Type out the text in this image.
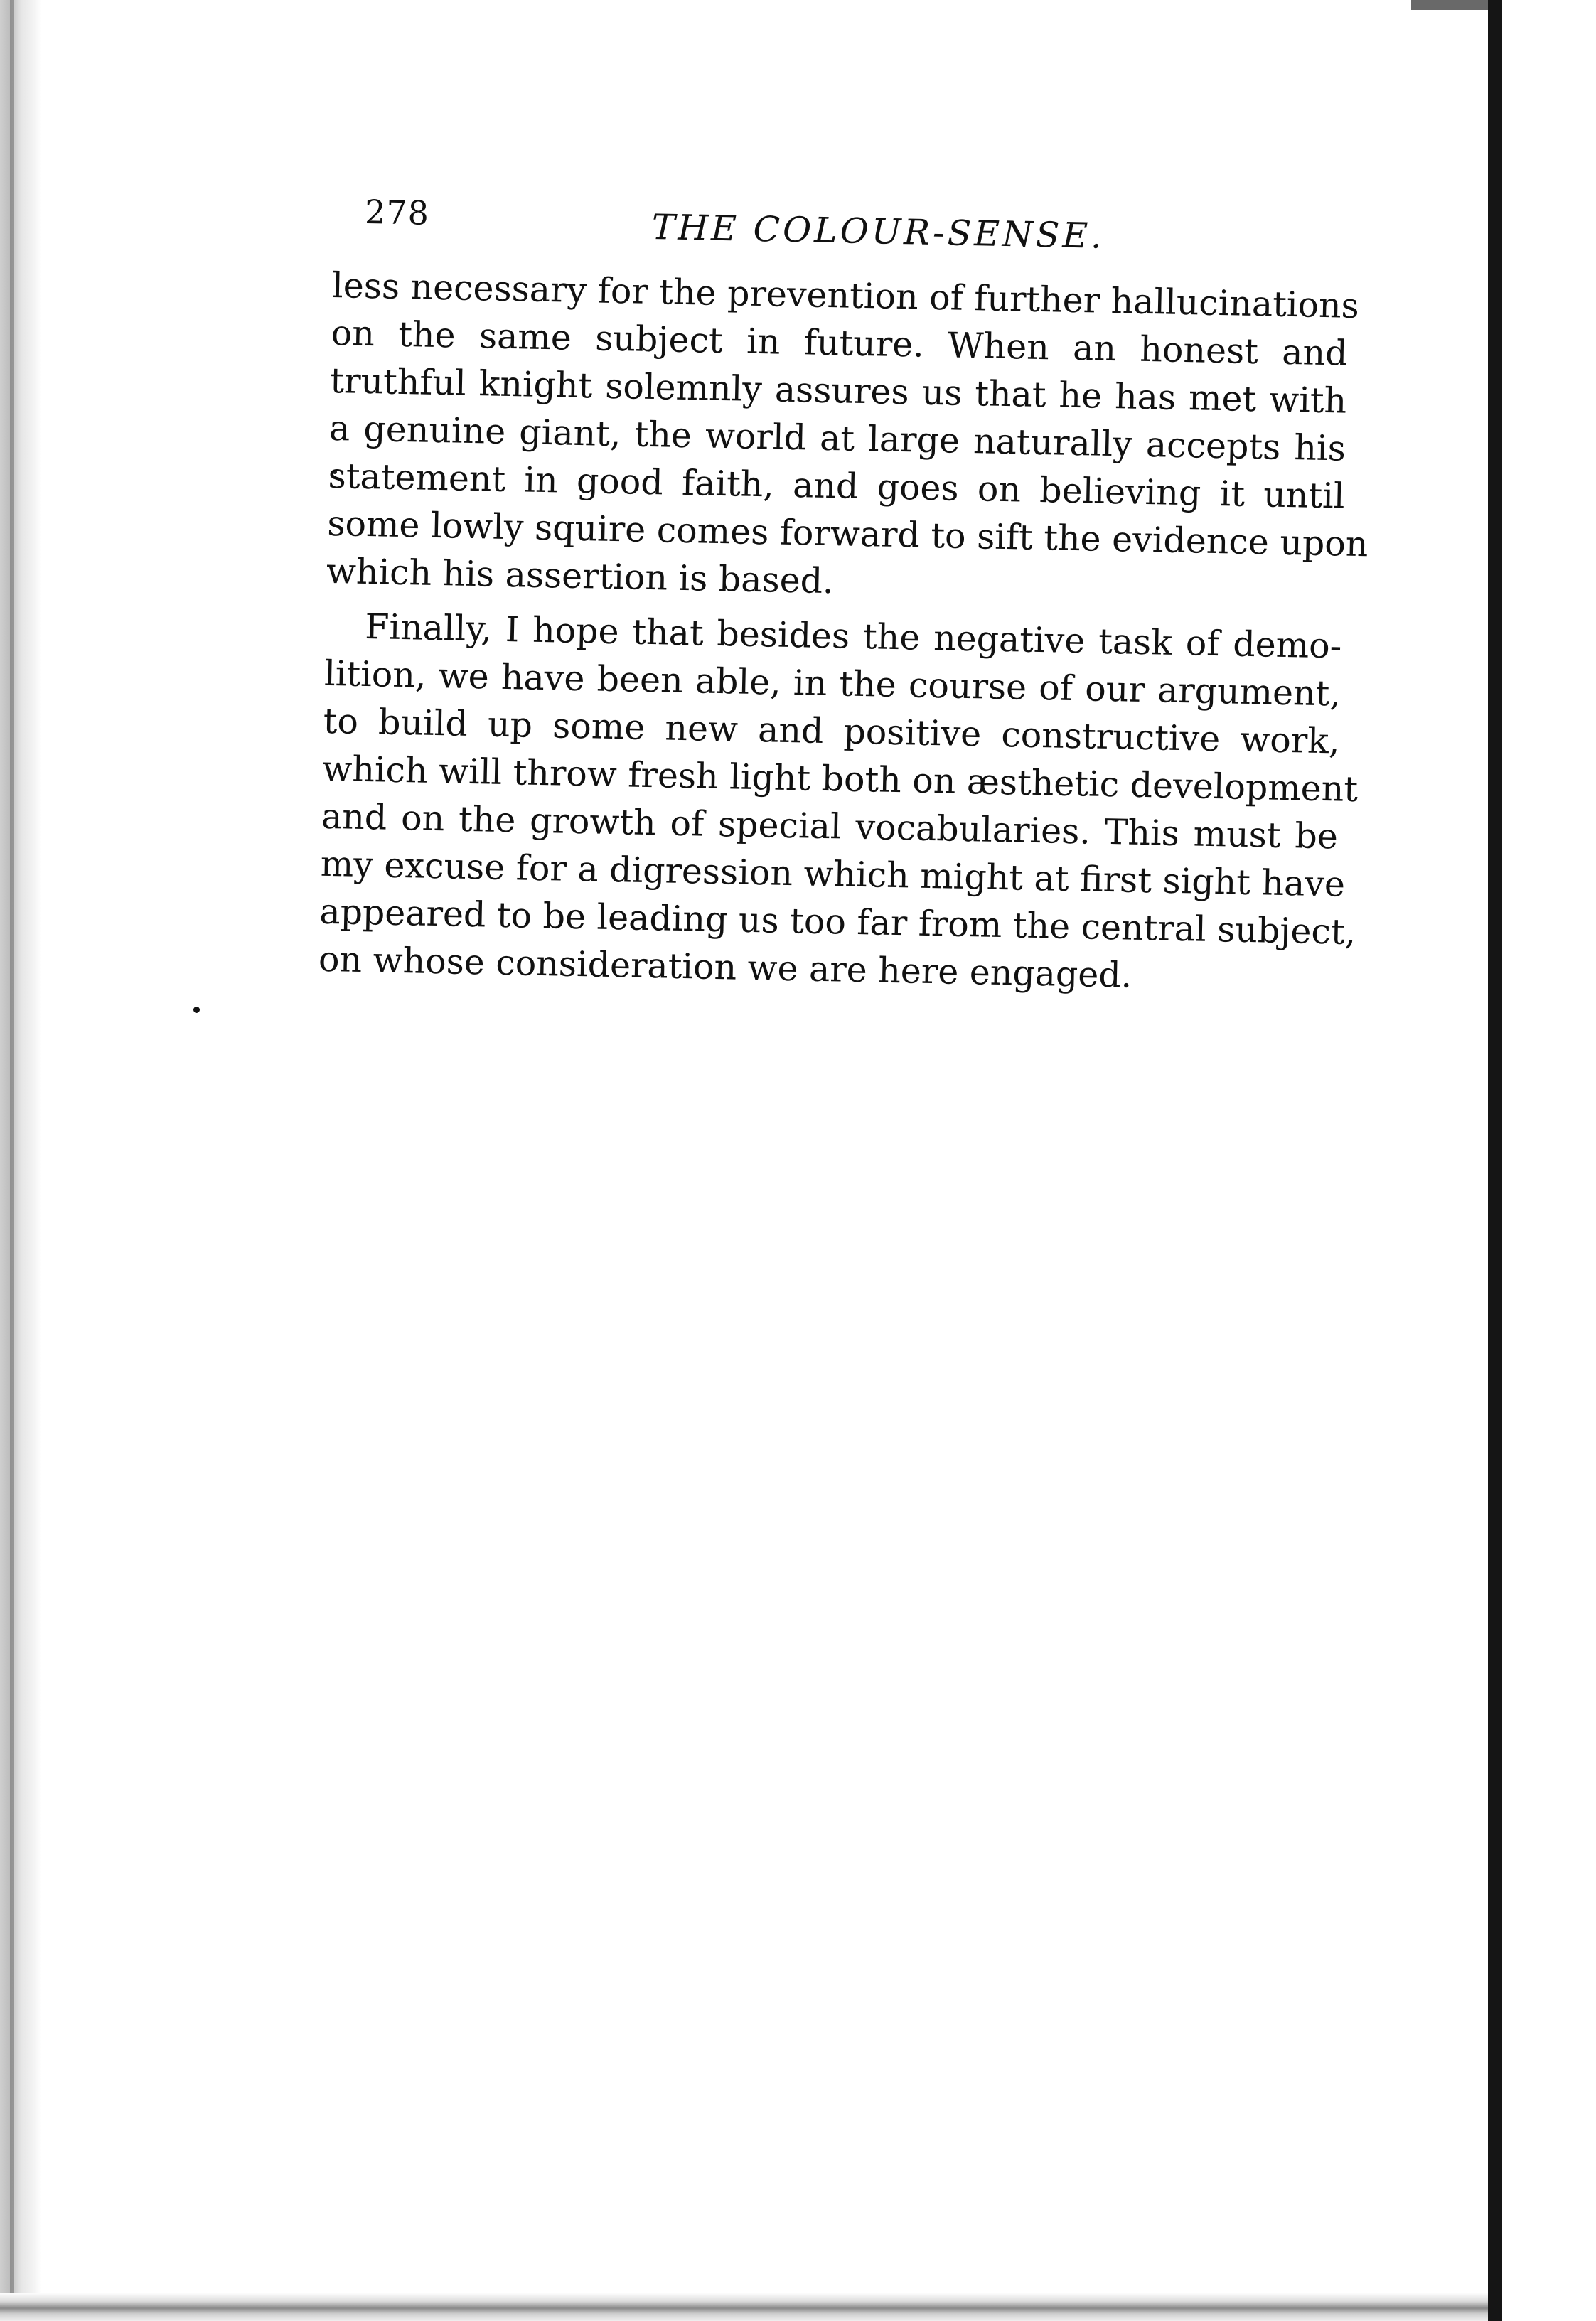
278	THE COLOUR-SENSE.
less necessary for the prevention of further hallucinations
on the same subject in future. When an honest and
truthful knight solemnly assures us that he has met with
a genuine giant, the world at large naturally accepts his
statement in good faith, and goes on believing it until
some lowly squire comes forward to sift the evidence upon
which his assertion is based.
Finally, I hope that besides the negative task of demo-
lition, we have been able, in the course of our argument,
to build up some new and positive constructive work,
which will throw fresh light both on æsthetic development
and on the growth of special vocabularies. This must be
my excuse for a digression which might at first sight have
appeared to be leading us too far from the central subject,
on whose consideration we are here engaged.
